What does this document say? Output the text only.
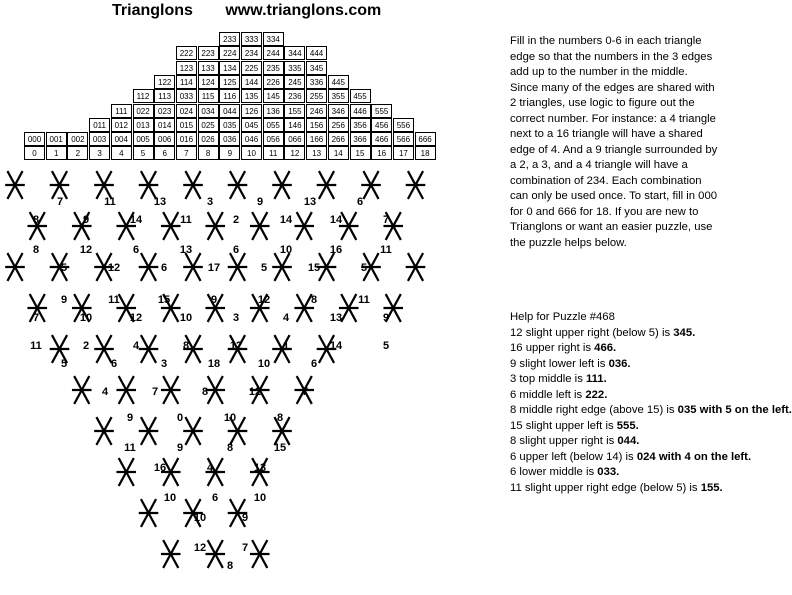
Trianglons www.trianglons.com
233	333	334
222	223	224	234	244	344	444
123	133	134	225	235	335	345
122	114	124	125	144	226	245	336	445
112	113	033	115	116	135	145	236	255	355	455
111	022	023	024	034	044	126	136	155	246	346	446	555
011	012	013	014	015	025	035	045	055	146	156	256	356	456	556
000	001	002	003	004	005	006	016	026	036	046	056	066	166	266	366	466	566	666
0	1	2	3	4	5	6	7	8	9	10	11	12	13	14	15	16	17	18
7	11	13	3	9	13	6
8	9	14	11	2	14	14	7
8	12	6	13	6	10	16	11
5	12	6	17	5	15	5
9	11	15	9	12	8	11
7	10	12	10	3	4	13	9
11	2	4	8	12	1	14	5
5	6	3	18	10	6
4	7	8	12	7
9	0	10	8
11	9	8	15
16	4	13
10	6	10
10	9
12	7
8
Fill in the numbers 0-6 in each triangle edge so that the numbers in the 3 edges add up to the number in the middle. Since many of the edges are shared with 2 triangles, use logic to figure out the correct number. For instance: a 4 triangle next to a 16 triangle will have a shared edge of 4. And a 9 triangle surrounded by a 2, a 3, and a 4 triangle will have a combination of 234. Each combination can only be used once. To start, fill in 000 for 0 and 666 for 18. If you are new to Trianglons or want an easier puzzle, use the puzzle helps below.
Help for Puzzle #468
12 slight upper right (below 5) is 345.
16 upper right is 466.
9 slight lower left is 036.
3 top middle is 111.
6 middle left is 222.
8 middle right edge (above 15) is 035 with 5 on the left.
15 slight upper left is 555.
8 slight upper right is 044.
6 upper left (below 14) is 024 with 4 on the left.
6 lower middle is 033.
11 slight upper right edge (below 5) is 155.
